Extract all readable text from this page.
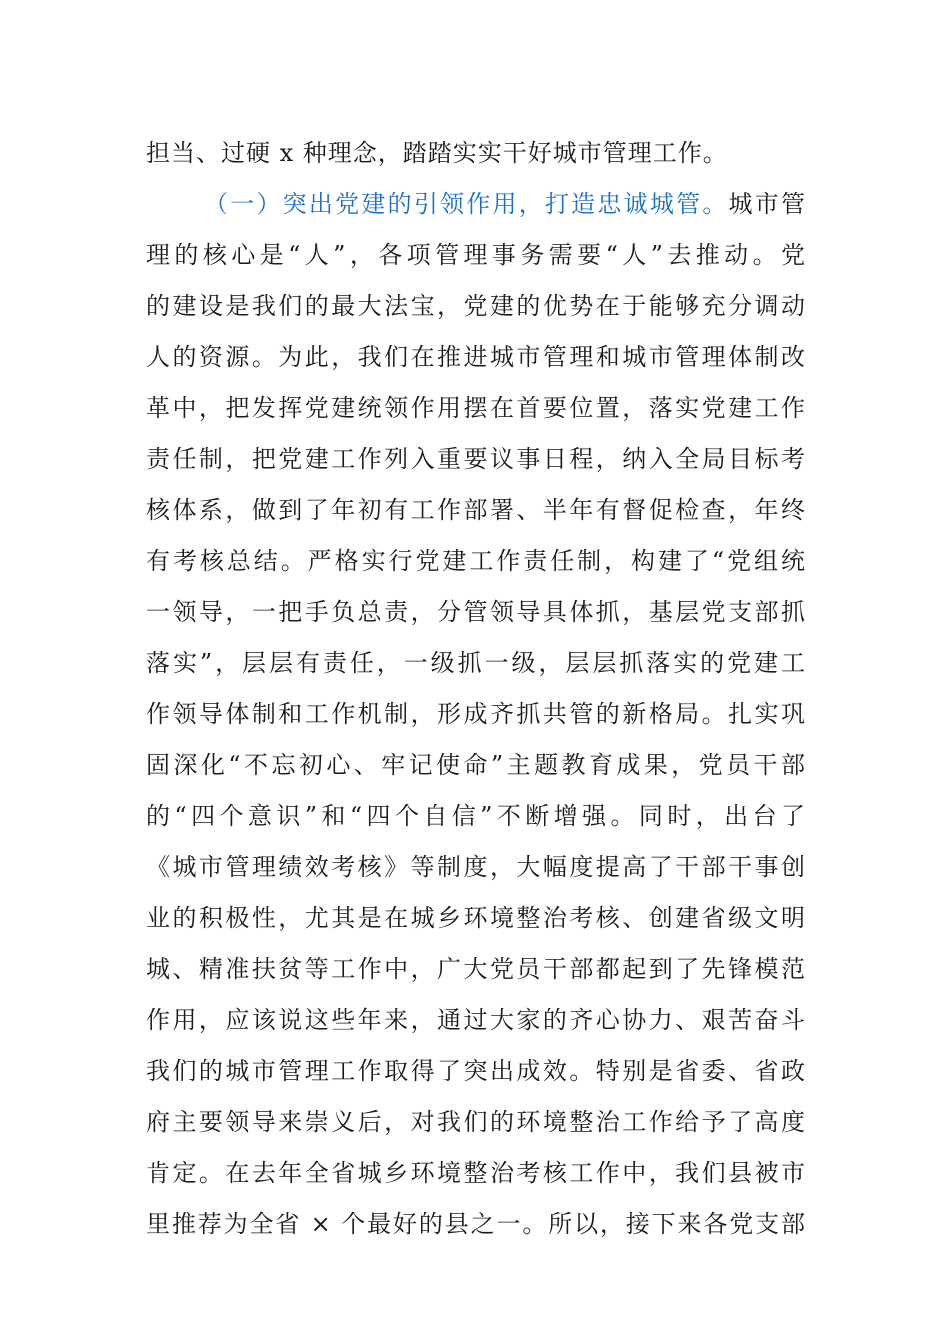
担当、过硬 x 种理念，踏踏实实干好城市管理工作。
（一）突出党建的引领作用，打造忠诚城管。城市管
理的核心是“人”，各项管理事务需要“人”去推动。党
的建设是我们的最大法宝，党建的优势在于能够充分调动
人的资源。为此，我们在推进城市管理和城市管理体制改
革中，把发挥党建统领作用摆在首要位置，落实党建工作
责任制，把党建工作列入重要议事日程，纳入全局目标考
核体系，做到了年初有工作部署、半年有督促检查，年终
有考核总结。严格实行党建工作责任制，构建了“党组统
一领导，一把手负总责，分管领导具体抓，基层党支部抓
落实”，层层有责任，一级抓一级，层层抓落实的党建工
作领导体制和工作机制，形成齐抓共管的新格局。扎实巩
固深化“不忘初心、牢记使命”主题教育成果，党员干部
的“四个意识”和“四个自信”不断增强。同时，出台了
《城市管理绩效考核》等制度，大幅度提高了干部干事创
业的积极性，尤其是在城乡环境整治考核、创建省级文明
城、精准扶贫等工作中，广大党员干部都起到了先锋模范
作用，应该说这些年来，通过大家的齐心协力、艰苦奋斗
我们的城市管理工作取得了突出成效。特别是省委、省政
府主要领导来崇义后，对我们的环境整治工作给予了高度
肯定。在去年全省城乡环境整治考核工作中，我们县被市
里推荐为全省 × 个最好的县之一。所以，接下来各党支部
